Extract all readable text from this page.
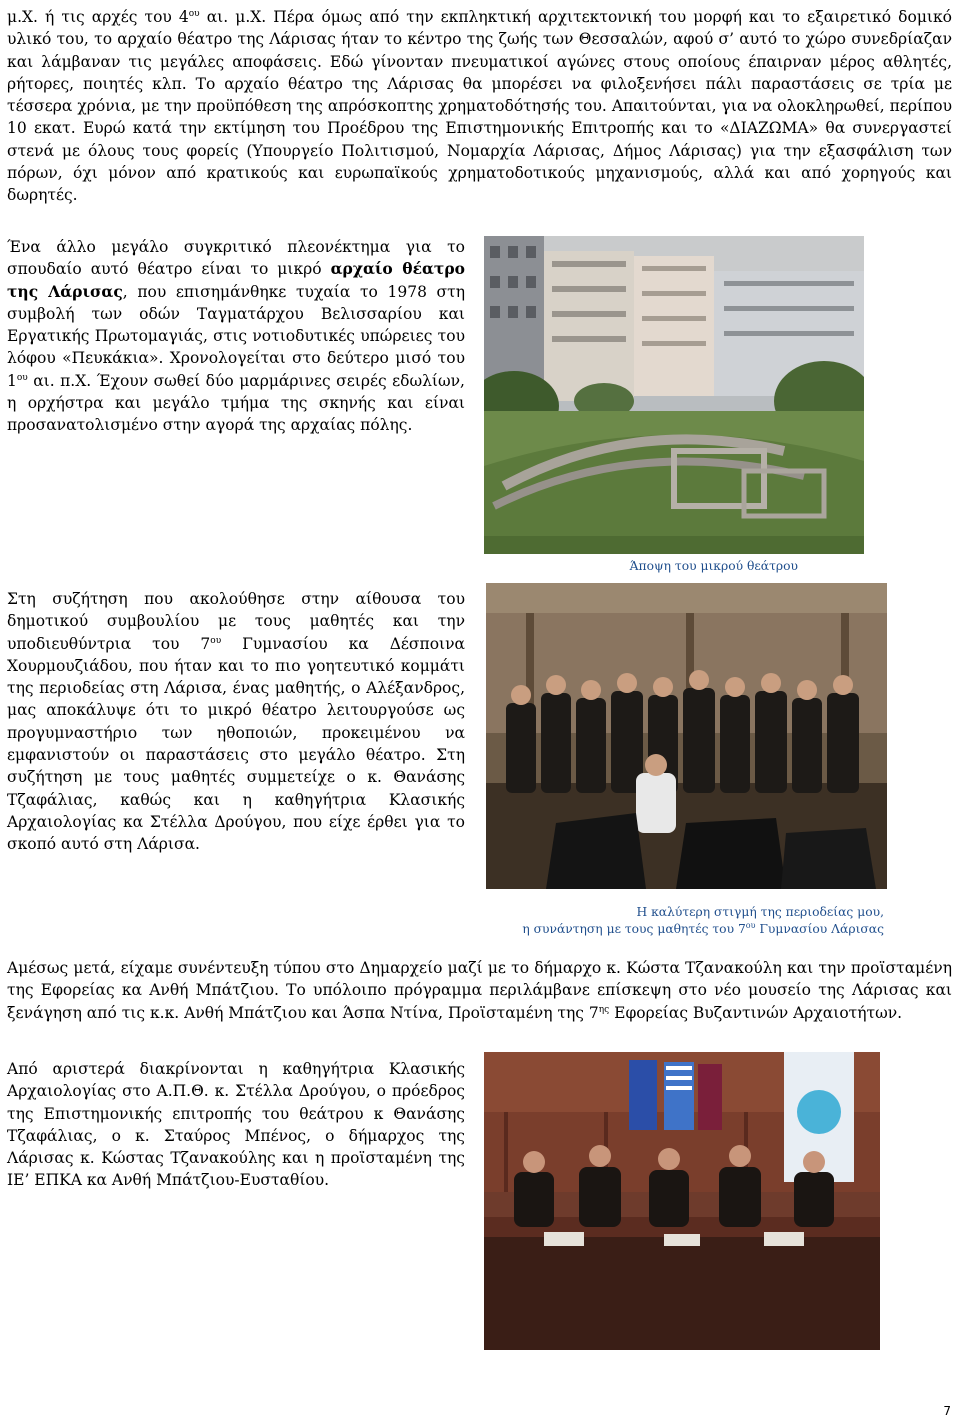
μ.Χ. ή τις αρχές του $4^{o\upsilon}$ αι. μ.Χ. Πέρα όμως από την εκπληκτική αρχιτεκτονική του μορφή και το εξαιρετικό δομικό υλικό του, το αρχαίο θέατρο της Λάρισας ήταν το κέντρο της ζωής των Θεσσαλών, αφού σ’ αυτό το χώρο συνεδρίαζαν και λάμβαναν τις μεγάλες αποφάσεις. Εδώ γίνονταν πνευματικοί αγώνες στους οποίους έπαιρναν μέρος αθλητές, ρήτορες, ποιητές κλπ. Το αρχαίο θέατρο της Λάρισας θα μπορέσει να φιλοξενήσει πάλι παραστάσεις σε τρία με τέσσερα χρόνια, με την προϋπόθεση της απρόσκοπτης χρηματοδότησής του. Απαιτούνται, για να ολοκληρωθεί, περίπου 10 εκατ. Ευρώ κατά την εκτίμηση του Προέδρου της Επιστημονικής Επιτροπής και το «ΔΙΑΖΩΜΑ» θα συνεργαστεί στενά με όλους τους φορείς (Υπουργείο Πολιτισμού, Νομαρχία Λάρισας, Δήμος Λάρισας) για την εξασφάλιση των πόρων, όχι μόνον από κρατικούς και ευρωπαϊκούς χρηματοδοτικούς μηχανισμούς, αλλά και από χορηγούς και δωρητές.

Ένα άλλο μεγάλο συγκριτικό πλεονέκτημα για το σπουδαίο αυτό θέατρο είναι το μικρό αρχαίο θέατρο της Λάρισας, που επισημάνθηκε τυχαία το 1978 στη συμβολή των οδών Ταγματάρχου Βελισσαρίου και Εργατικής Πρωτομαγιάς, στις νοτιοδυτικές υπώρειες του λόφου «Πευκάκια». Χρονολογείται στο δεύτερο μισό του $1^{o\upsilon}$ αι. π.Χ. Έχουν σωθεί δύο μαρμάρινες σειρές εδωλίων, η ορχήστρα και μεγάλο τμήμα της σκηνής και είναι προσανατολισμένο στην αγορά της αρχαίας πόλης.

Άποψη του μικρού θεάτρου

Στη συζήτηση που ακολούθησε στην αίθουσα του δημοτικού συμβουλίου με τους μαθητές και την υποδιευθύντρια του $7^{o\upsilon}$ Γυμνασίου κα Δέσποινα Χουρμουζιάδου, που ήταν και το πιο γοητευτικό κομμάτι της περιοδείας στη Λάρισα, ένας μαθητής, ο Αλέξανδρος, μας αποκάλυψε ότι το μικρό θέατρο λειτουργούσε ως προγυμναστήριο των ηθοποιών, προκειμένου να εμφανιστούν οι παραστάσεις στο μεγάλο θέατρο. Στη συζήτηση με τους μαθητές συμμετείχε ο κ. Θανάσης Τζαφάλιας, καθώς και η καθηγήτρια Κλασικής Αρχαιολογίας κα Στέλλα Δρούγου, που είχε έρθει για το σκοπό αυτό στη Λάρισα.

Η καλύτερη στιγμή της περιοδείας μου,
η συνάντηση με τους μαθητές του $7^{o\upsilon}$ Γυμνασίου Λάρισας

Αμέσως μετά, είχαμε συνέντευξη τύπου στο Δημαρχείο μαζί με το δήμαρχο κ. Κώστα Τζανακούλη και την προϊσταμένη της Εφορείας κα Ανθή Μπάτζιου. Το υπόλοιπο πρόγραμμα περιλάμβανε επίσκεψη στο νέο μουσείο της Λάρισας και ξενάγηση από τις κ.κ. Ανθή Μπάτζιου και Άσπα Ντίνα, Προϊσταμένη της $7^{\eta\varsigma}$ Εφορείας Βυζαντινών Αρχαιοτήτων.

Από αριστερά διακρίνονται η καθηγήτρια Κλασικής Αρχαιολογίας στο Α.Π.Θ. κ. Στέλλα Δρούγου, ο πρόεδρος της Επιστημονικής επιτροπής του θεάτρου κ Θανάσης Τζαφάλιας, ο κ. Σταύρος Μπένος, ο δήμαρχος της Λάρισας κ. Κώστας Τζανακούλης και η προϊσταμένη της ΙΕ’ ΕΠΚΑ κα Ανθή Μπάτζιου-Ευσταθίου.

7
